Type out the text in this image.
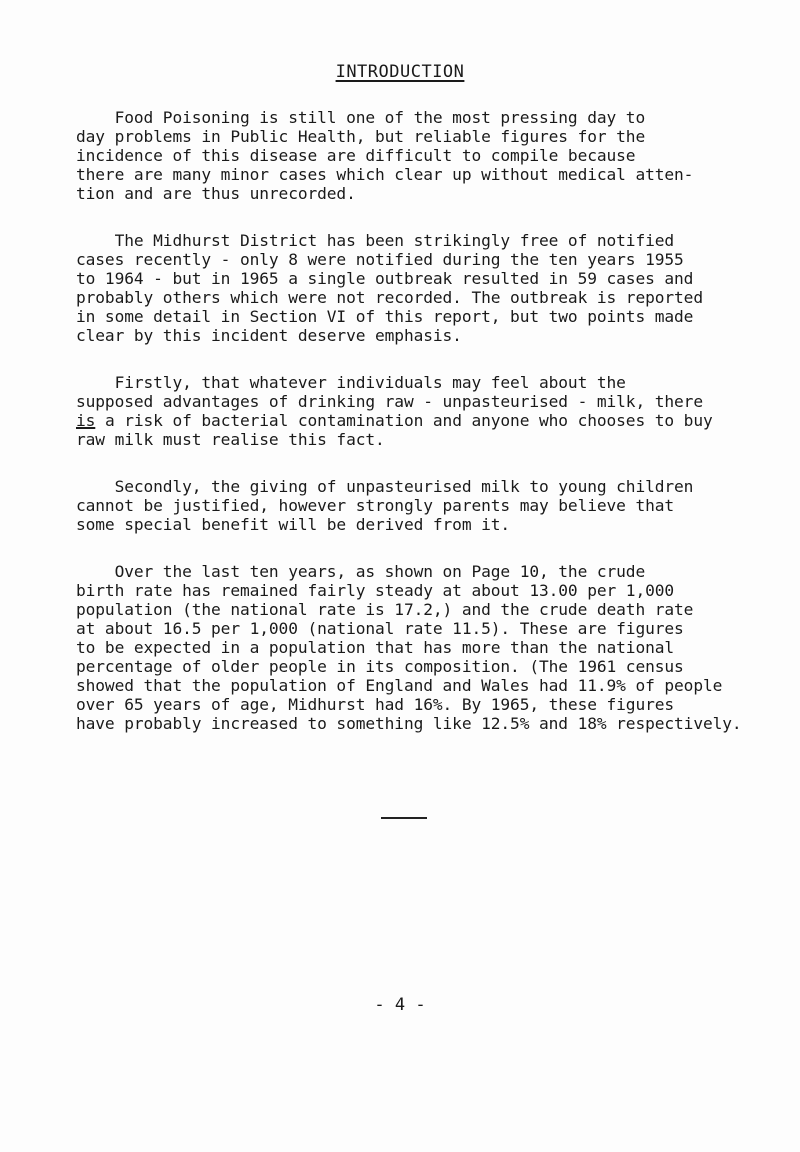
INTRODUCTION
Food Poisoning is still one of the most pressing day to
day problems in Public Health, but reliable figures for the
incidence of this disease are difficult to compile because
there are many minor cases which clear up without medical atten-
tion and are thus unrecorded.
The Midhurst District has been strikingly free of notified
cases recently - only 8 were notified during the ten years 1955
to 1964 - but in 1965 a single outbreak resulted in 59 cases and
probably others which were not recorded. The outbreak is reported
in some detail in Section VI of this report, but two points made
clear by this incident deserve emphasis.
Firstly, that whatever individuals may feel about the
supposed advantages of drinking raw - unpasteurised - milk, there
is a risk of bacterial contamination and anyone who chooses to buy
raw milk must realise this fact.
Secondly, the giving of unpasteurised milk to young children
cannot be justified, however strongly parents may believe that
some special benefit will be derived from it.
Over the last ten years, as shown on Page 10, the crude
birth rate has remained fairly steady at about 13.00 per 1,000
population (the national rate is 17.2,) and the crude death rate
at about 16.5 per 1,000 (national rate 11.5). These are figures
to be expected in a population that has more than the national
percentage of older people in its composition. (The 1961 census
showed that the population of England and Wales had 11.9% of people
over 65 years of age, Midhurst had 16%. By 1965, these figures
have probably increased to something like 12.5% and 18% respectively.
- 4 -
